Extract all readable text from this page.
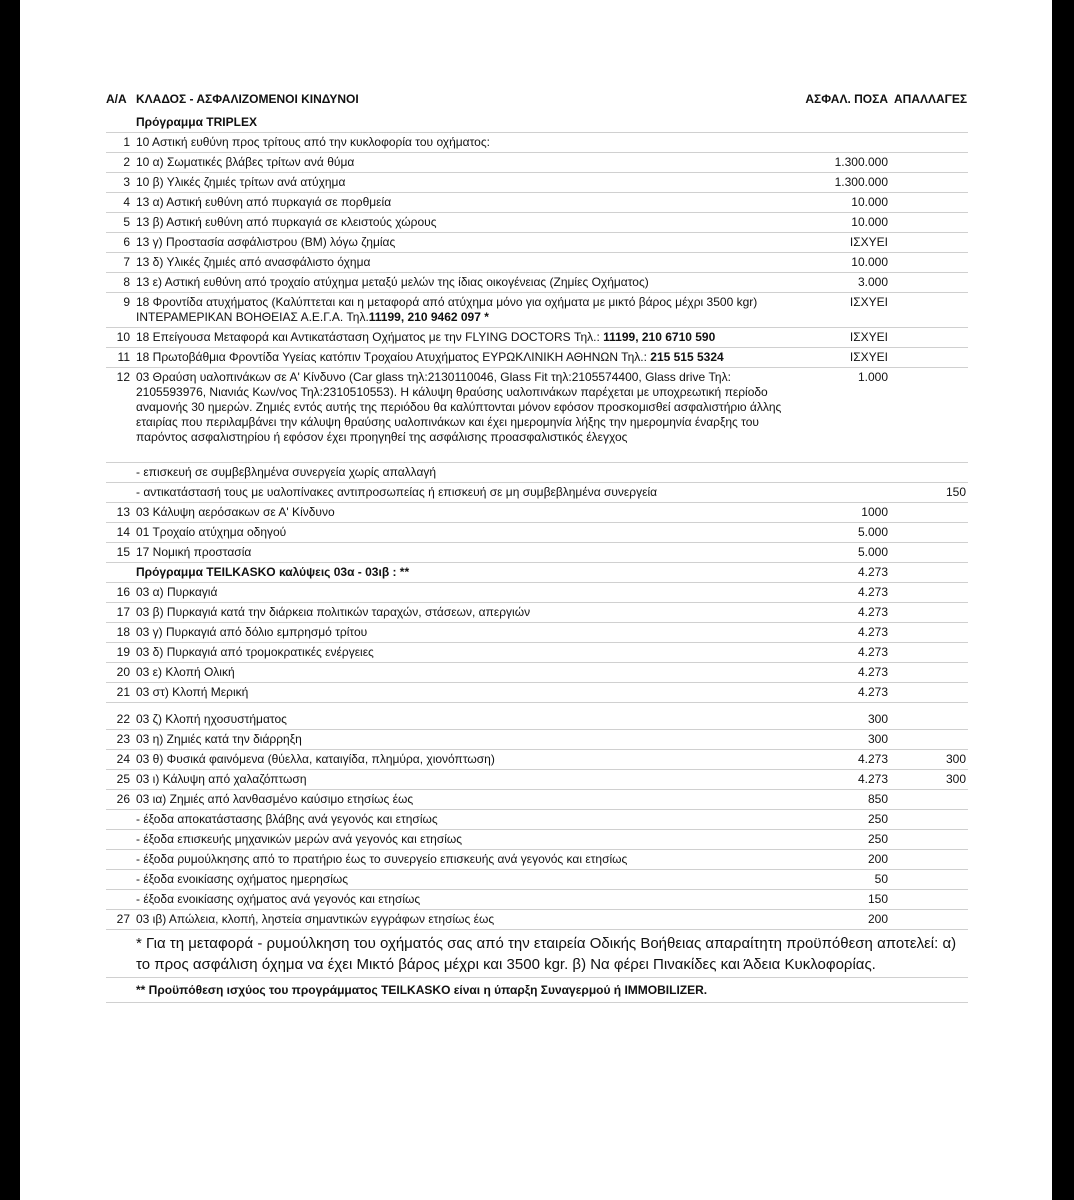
Α/Α	ΚΛΑΔΟΣ - ΑΣΦΑΛΙΖΟΜΕΝΟΙ ΚΙΝΔΥΝΟΙ	ΑΣΦΑΛ. ΠΟΣΑ	ΑΠΑΛΛΑΓΕΣ
	Πρόγραμμα TRIPLEX		
1	10 Αστική ευθύνη προς τρίτους από την κυκλοφορία του οχήματος:		
2	10 α) Σωματικές βλάβες τρίτων ανά θύμα	1.300.000	
3	10 β) Υλικές ζημιές τρίτων ανά ατύχημα	1.300.000	
4	13 α) Αστική ευθύνη από πυρκαγιά σε πορθμεία	10.000	
5	13 β) Αστική ευθύνη από πυρκαγιά σε κλειστούς χώρους	10.000	
6	13 γ) Προστασία ασφάλιστρου (BM) λόγω ζημίας	ΙΣΧΥΕΙ	
7	13 δ) Υλικές ζημιές από ανασφάλιστο όχημα	10.000	
8	13 ε) Αστική ευθύνη από τροχαίο ατύχημα μεταξύ μελών της ίδιας οικογένειας (Ζημίες Οχήματος)	3.000	
9	18 Φροντίδα ατυχήματος (Καλύπτεται και η μεταφορά από ατύχημα μόνο για οχήματα με μικτό βάρος μέχρι 3500 kgr) ΙΝΤΕΡΑΜΕΡΙΚΑΝ ΒΟΗΘΕΙΑΣ Α.Ε.Γ.Α. Τηλ.11199, 210 9462 097 *	ΙΣΧΥΕΙ	
10	18 Επείγουσα Μεταφορά και Αντικατάσταση Οχήματος με την FLYING DOCTORS Τηλ.: 11199, 210 6710 590	ΙΣΧΥΕΙ	
11	18 Πρωτοβάθμια Φροντίδα Υγείας κατόπιν Τροχαίου Ατυχήματος ΕΥΡΩΚΛΙΝΙΚΗ ΑΘΗΝΩΝ Τηλ.: 215 515 5324	ΙΣΧΥΕΙ	
12	03 Θραύση υαλοπινάκων σε Α' Κίνδυνο (Car glass τηλ:2130110046, Glass Fit τηλ:2105574400, Glass drive Τηλ: 2105593976, Νιανιάς Κων/νος Τηλ:2310510553). Η κάλυψη θραύσης υαλοπινάκων παρέχεται με υποχρεωτική περίοδο αναμονής 30 ημερών. Ζημιές εντός αυτής της περιόδου θα καλύπτονται μόνον εφόσον προσκομισθεί ασφαλιστήριο άλλης εταιρίας που περιλαμβάνει την κάλυψη θραύσης υαλοπινάκων και έχει ημερομηνία λήξης την ημερομηνία έναρξης του παρόντος ασφαλιστηρίου ή εφόσον έχει προηγηθεί της ασφάλισης προασφαλιστικός έλεγχος	1.000	
	- επισκευή σε συμβεβλημένα συνεργεία χωρίς απαλλαγή		
	- αντικατάστασή τους με υαλοπίνακες αντιπροσωπείας ή επισκευή σε μη συμβεβλημένα συνεργεία		150
13	03 Κάλυψη αερόσακων σε Α' Κίνδυνο	1000	
14	01 Τροχαίο ατύχημα οδηγού	5.000	
15	17 Νομική προστασία	5.000	
	Πρόγραμμα TEILKASKO καλύψεις 03α - 03ιβ : **	4.273	
16	03 α) Πυρκαγιά	4.273	
17	03 β) Πυρκαγιά κατά την διάρκεια πολιτικών ταραχών, στάσεων, απεργιών	4.273	
18	03 γ) Πυρκαγιά από δόλιο εμπρησμό τρίτου	4.273	
19	03 δ) Πυρκαγιά από τρομοκρατικές ενέργειες	4.273	
20	03 ε) Κλοπή Ολική	4.273	
21	03 στ) Κλοπή Μερική	4.273	
22	03 ζ) Κλοπή ηχοσυστήματος	300	
23	03 η) Ζημιές κατά την διάρρηξη	300	
24	03 θ) Φυσικά φαινόμενα (θύελλα, καταιγίδα, πλημύρα, χιονόπτωση)	4.273	300
25	03 ι) Κάλυψη από χαλαζόπτωση	4.273	300
26	03 ια) Ζημιές από λανθασμένο καύσιμο ετησίως έως	850	
	- έξοδα αποκατάστασης βλάβης ανά γεγονός και ετησίως	250	
	- έξοδα επισκευής μηχανικών μερών ανά γεγονός και ετησίως	250	
	- έξοδα ρυμούλκησης από το πρατήριο έως το συνεργείο επισκευής ανά γεγονός και ετησίως	200	
	- έξοδα ενοικίασης οχήματος ημερησίως	50	
	- έξοδα ενοικίασης οχήματος ανά γεγονός και ετησίως	150	
27	03 ιβ) Απώλεια, κλοπή, ληστεία σημαντικών εγγράφων ετησίως έως	200	
	* Για τη μεταφορά - ρυμούλκηση του οχήματός σας από την εταιρεία Οδικής Βοήθειας απαραίτητη προϋπόθεση αποτελεί: α) το προς ασφάλιση όχημα να έχει Μικτό βάρος μέχρι και 3500 kgr. β) Να φέρει Πινακίδες και Άδεια Κυκλοφορίας.		
	** Προϋπόθεση ισχύος του προγράμματος TEILKASKO είναι η ύπαρξη Συναγερμού ή IMMOBILIZER.		
